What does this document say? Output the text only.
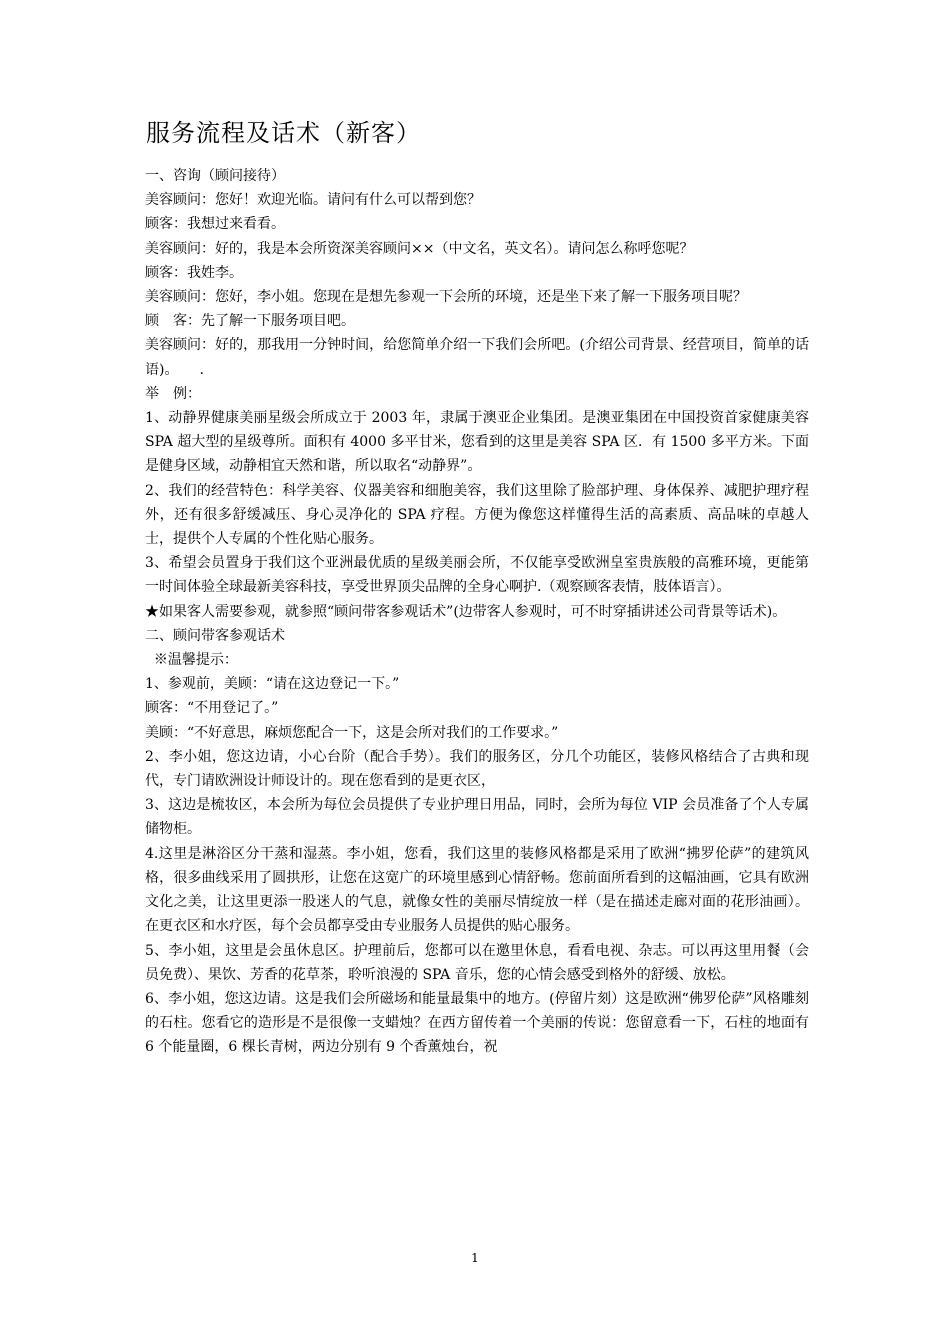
服务流程及话术（新客）

一、咨询（顾问接待）

美容顾问：您好！欢迎光临。请问有什么可以帮到您？

顾客：我想过来看看。

美容顾问：好的，我是本会所资深美容顾问××（中文名，英文名）。请问怎么称呼您呢？

顾客：我姓李。

美容顾问：您好，李小姐。您现在是想先参观一下会所的环境，还是坐下来了解一下服务项目呢？

顾　客：先了解一下服务项目吧。

美容顾问：好的，那我用一分钟时间，给您简单介绍一下我们会所吧。(介绍公司背景、经营项目，简单的话语)。　　.

举　例：

1、动静界健康美丽星级会所成立于 2003 年，隶属于澳亚企业集团。是澳亚集团在中国投资首家健康美容 SPA 超大型的星级尊所。面积有 4000 多平甘米，您看到的这里是美容 SPA 区．有 1500 多平方米。下面是健身区域，动静相宜天然和谐，所以取名“动静界”。

2、我们的经营特色：科学美容、仪器美容和细胞美容，我们这里除了脸部护理、身体保养、减肥护理疗程外，还有很多舒缓减压、身心灵净化的 SPA 疗程。方便为像您这样懂得生活的高素质、高品味的卓越人士，提供个人专属的个性化贴心服务。

3、希望会员置身于我们这个亚洲最优质的星级美丽会所，不仅能享受欧洲皇室贵族般的高雅环境，更能第一时间体验全球最新美容科技，享受世界顶尖品牌的全身心啊护.（观察顾客表情，肢体语言）。

★如果客人需要参观，就参照“顾问带客参观话术”(边带客人参观时，可不时穿插讲述公司背景等话术)。

二、顾问带客参观话术

※温馨提示：

1、参观前，美顾：“请在这边登记一下。”

顾客：“不用登记了。”

美顾：“不好意思，麻烦您配合一下，这是会所对我们的工作要求。”

2、李小姐，您这边请，小心台阶（配合手势）。我们的服务区，分几个功能区，装修风格结合了古典和现代，专门请欧洲设计师设计的。现在您看到的是更衣区，

3、这边是梳妆区，本会所为每位会员提供了专业护理日用品，同时，会所为每位 VIP 会员准备了个人专属储物柜。

4.这里是淋浴区分干蒸和湿蒸。李小姐，您看，我们这里的装修风格都是采用了欧洲“拂罗伦萨”的建筑风格，很多曲线采用了圆拱形，让您在这宽广的环境里感到心情舒畅。您前面所看到的这幅油画，它具有欧洲文化之美，让这里更添一股迷人的气息，就像女性的美丽尽情绽放一样（是在描述走廊对面的花形油画）。在更衣区和水疗医，每个会员都享受由专业服务人员提供的贴心服务。

5、李小姐，这里是会虽休息区。护理前后，您都可以在邀里休息，看看电视、杂志。可以再这里用餐（会员免费）、果饮、芳香的花草茶，聆听浪漫的 SPA 音乐，您的心情会感受到格外的舒缓、放松。

6、李小姐，您这边请。这是我们会所磁场和能量最集中的地方。(停留片刻）这是欧洲“佛罗伦萨”风格雕刻的石柱。您看它的造形是不是很像一支蜡烛？在西方留传着一个美丽的传说：您留意看一下，石柱的地面有 6 个能量圈，6 棵长青树，两边分别有 9 个香薰烛台，祝

1
